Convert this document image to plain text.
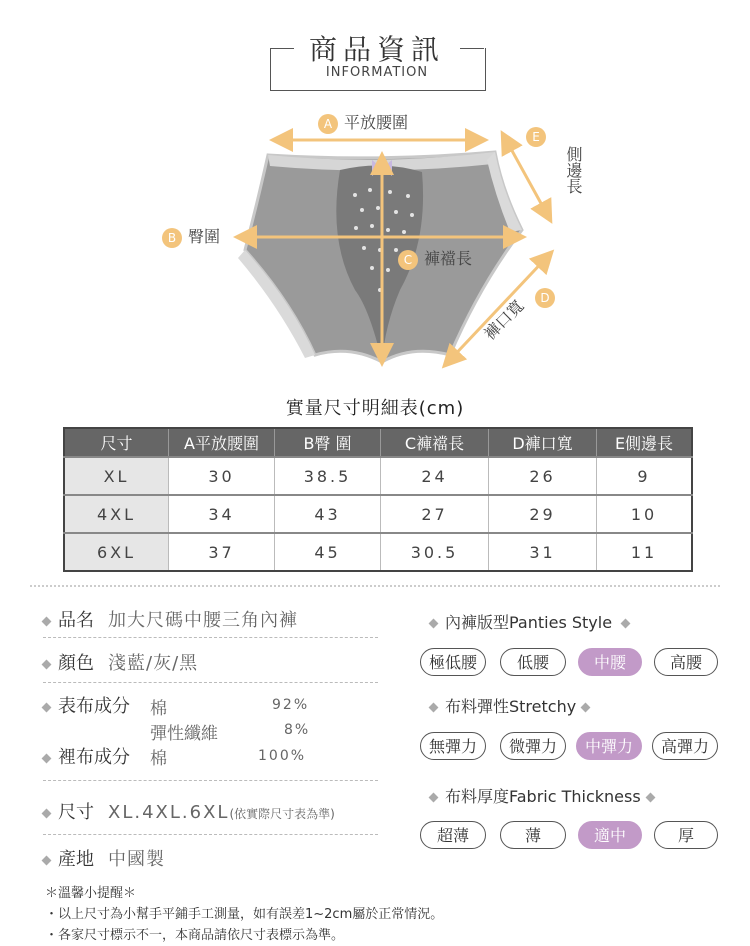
商品資訊
INFORMATION
A 平放腰圍
B 臀圍
C 褲襠長
D
褲口寬
E
側邊長
實量尺寸明細表(cm)
尺寸	A平放腰圍	B臀 圍	C褲襠長	D褲口寬	E側邊長
XL	30	38.5	24	26	9
4XL	34	43	27	29	10
6XL	37	45	30.5	31	11
品名 加大尺碼中腰三角內褲
顏色 淺藍/灰/黑
表布成分 棉	92%
彈性纖維	8%
裡布成分 棉	100%
尺寸 XL.4XL.6XL(依實際尺寸表為準)
產地 中國製
內褲版型Panties Style
極低腰	低腰	中腰	高腰
布料彈性Stretchy
無彈力	微彈力	中彈力	高彈力
布料厚度Fabric Thickness
超薄	薄	適中	厚
＊溫馨小提醒＊
・以上尺寸為小幫手平鋪手工測量，如有誤差1~2cm屬於正常情況。
・各家尺寸標示不一，本商品請依尺寸表標示為準。
